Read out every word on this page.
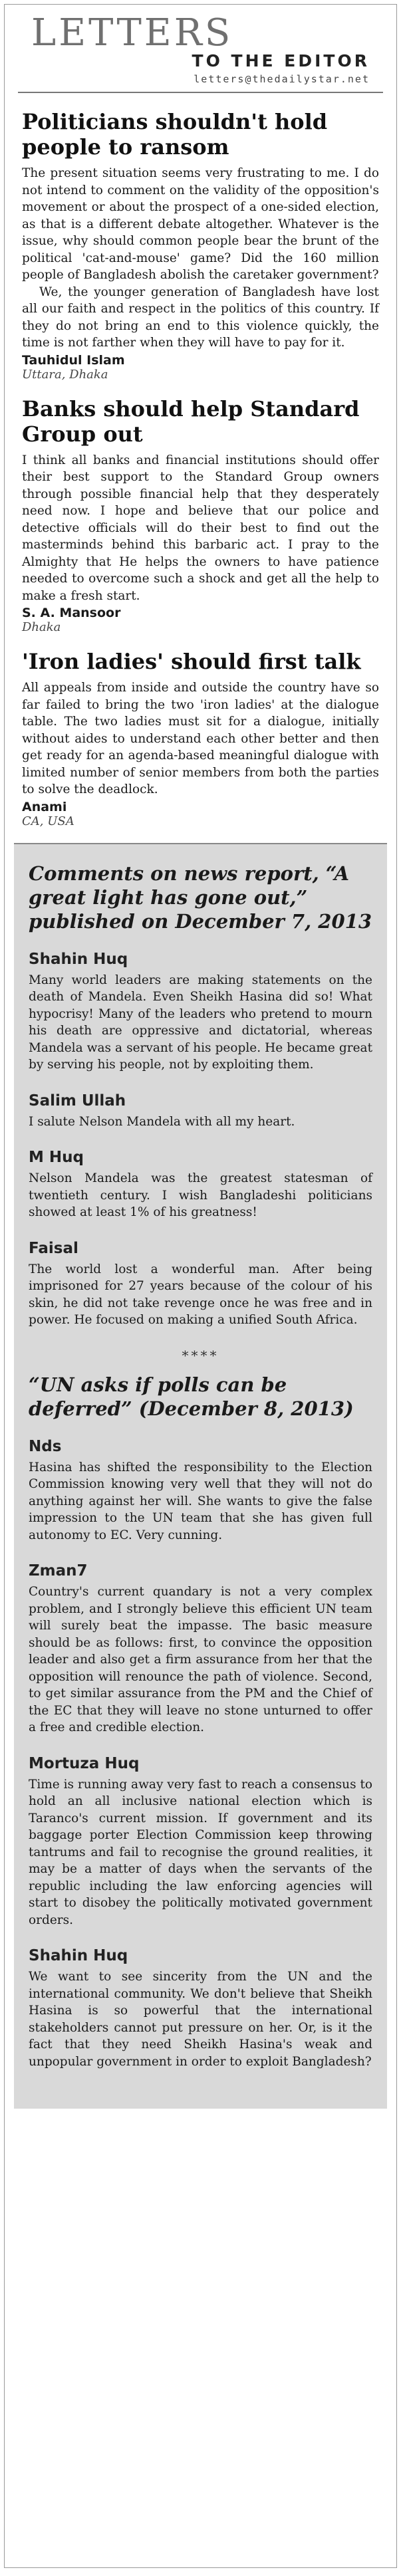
LETTERS
TO THE EDITOR
letters@thedailystar.net
Politicians shouldn't hold people to ransom

The present situation seems very frustrating to me. I do not intend to comment on the validity of the opposition's movement or about the prospect of a one-sided election, as that is a different debate altogether. Whatever is the issue, why should common people bear the brunt of the political 'cat-and-mouse' game? Did the 160 million people of Bangladesh abolish the caretaker government?

We, the younger generation of Bangladesh have lost all our faith and respect in the politics of this country. If they do not bring an end to this violence quickly, the time is not farther when they will have to pay for it.

Tauhidul Islam
Uttara, Dhaka
Banks should help Standard Group out

I think all banks and financial institutions should offer their best support to the Standard Group owners through possible financial help that they desperately need now. I hope and believe that our police and detective officials will do their best to find out the masterminds behind this barbaric act. I pray to the Almighty that He helps the owners to have patience needed to overcome such a shock and get all the help to make a fresh start.

S. A. Mansoor
Dhaka
'Iron ladies' should first talk

All appeals from inside and outside the country have so far failed to bring the two 'iron ladies' at the dialogue table. The two ladies must sit for a dialogue, initially without aides to understand each other better and then get ready for an agenda-based meaningful dialogue with limited number of senior members from both the parties to solve the deadlock.

Anami
CA, USA
Comments on news report, “A great light has gone out,” published on December 7, 2013
Shahin Huq

Many world leaders are making statements on the death of Mandela. Even Sheikh Hasina did so! What hypocrisy! Many of the leaders who pretend to mourn his death are oppressive and dictatorial, whereas Mandela was a servant of his people. He became great by serving his people, not by exploiting them.

Salim Ullah

I salute Nelson Mandela with all my heart.

M Huq

Nelson Mandela was the greatest statesman of twentieth century. I wish Bangladeshi politicians showed at least 1% of his greatness!

Faisal

The world lost a wonderful man. After being imprisoned for 27 years because of the colour of his skin, he did not take revenge once he was free and in power. He focused on making a unified South Africa.

****
“UN asks if polls can be deferred” (December 8, 2013)
Nds

Hasina has shifted the responsibility to the Election Commission knowing very well that they will not do anything against her will. She wants to give the false impression to the UN team that she has given full autonomy to EC. Very cunning.

Zman7

Country's current quandary is not a very complex problem, and I strongly believe this efficient UN team will surely beat the impasse. The basic measure should be as follows: first, to convince the opposition leader and also get a firm assurance from her that the opposition will renounce the path of violence. Second, to get similar assurance from the PM and the Chief of the EC that they will leave no stone unturned to offer a free and credible election.

Mortuza Huq

Time is running away very fast to reach a consensus to hold an all inclusive national election which is Taranco's current mission. If government and its baggage porter Election Commission keep throwing tantrums and fail to recognise the ground realities, it may be a matter of days when the servants of the republic including the law enforcing agencies will start to disobey the politically motivated government orders.

Shahin Huq

We want to see sincerity from the UN and the international community. We don't believe that Sheikh Hasina is so powerful that the international stakeholders cannot put pressure on her. Or, is it the fact that they need Sheikh Hasina's weak and unpopular government in order to exploit Bangladesh?
